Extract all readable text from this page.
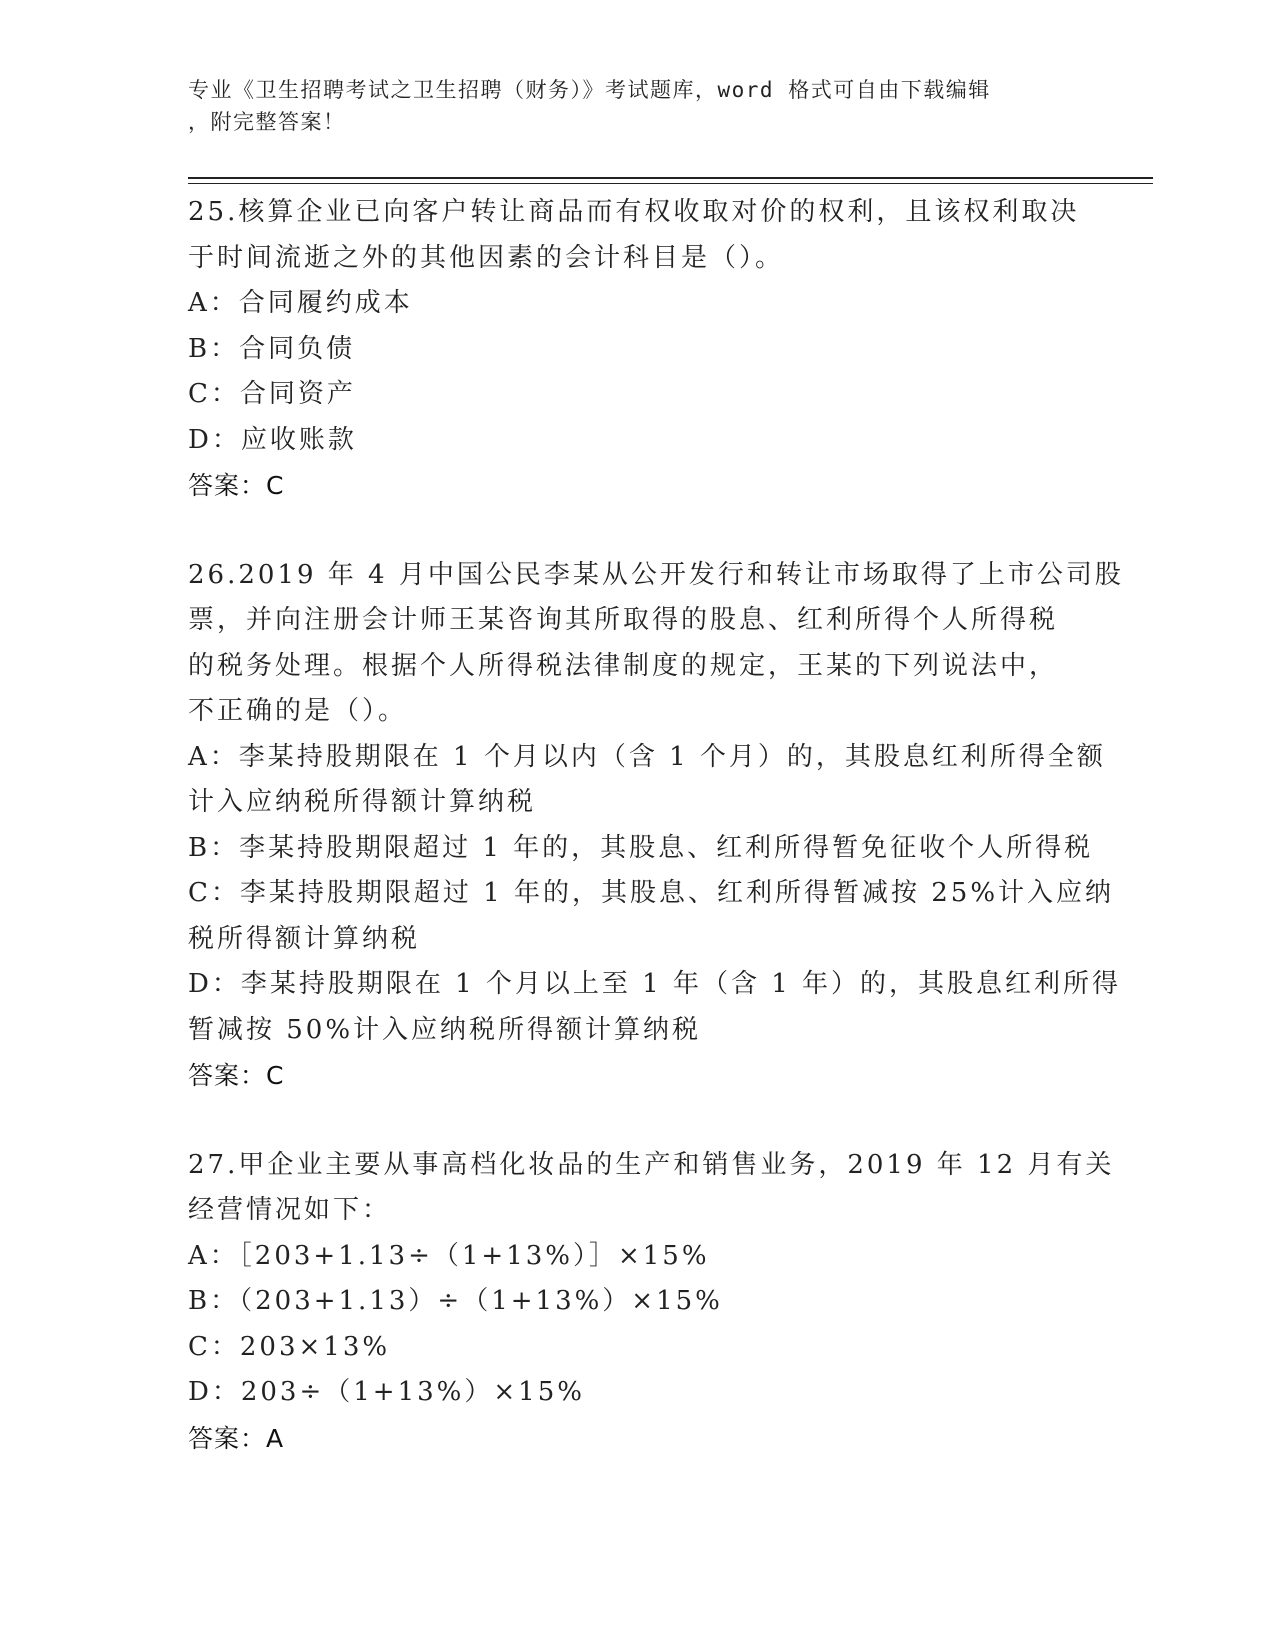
专业《卫生招聘考试之卫生招聘（财务）》考试题库，word 格式可自由下载编辑
，附完整答案！

25.核算企业已向客户转让商品而有权收取对价的权利，且该权利取决

于时间流逝之外的其他因素的会计科目是（）。

A：合同履约成本

B：合同负债

C：合同资产

D：应收账款

答案：C

26.2019 年 4 月中国公民李某从公开发行和转让市场取得了上市公司股

票，并向注册会计师王某咨询其所取得的股息、红利所得个人所得税

的税务处理。根据个人所得税法律制度的规定，王某的下列说法中，

不正确的是（）。

A：李某持股期限在 1 个月以内（含 1 个月）的，其股息红利所得全额

计入应纳税所得额计算纳税

B：李某持股期限超过 1 年的，其股息、红利所得暂免征收个人所得税

C：李某持股期限超过 1 年的，其股息、红利所得暂减按 25%计入应纳

税所得额计算纳税

D：李某持股期限在 1 个月以上至 1 年（含 1 年）的，其股息红利所得

暂减按 50%计入应纳税所得额计算纳税

答案：C

27.甲企业主要从事高档化妆品的生产和销售业务，2019 年 12 月有关

经营情况如下：

A：［203+1.13÷（1+13%）］×15%

B：（203+1.13）÷（1+13%）×15%

C：203×13%

D：203÷（1+13%）×15%

答案：A
